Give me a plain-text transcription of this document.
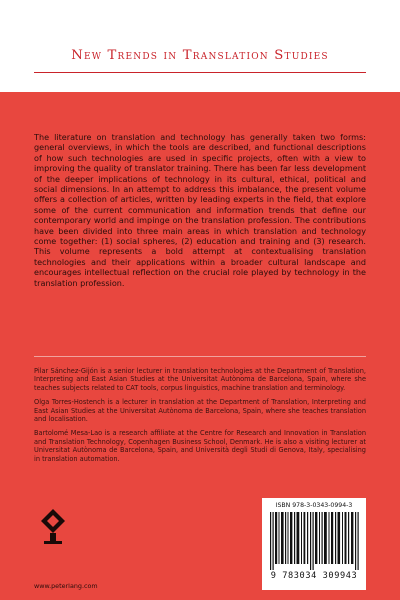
New Trends in Translation Studies

The literature on translation and technology has generally taken two forms: general overviews, in which the tools are described, and functional descriptions of how such technologies are used in specific projects, often with a view to improving the quality of translator training. There has been far less development of the deeper implications of technology in its cultural, ethical, political and social dimensions. In an attempt to address this imbalance, the present volume offers a collection of articles, written by leading experts in the field, that explore some of the current communication and information trends that define our contemporary world and impinge on the translation profession. The contributions have been divided into three main areas in which translation and technology come together: (1) social spheres, (2) education and training and (3) research. This volume represents a bold attempt at contextualising translation technologies and their applications within a broader cultural landscape and encourages intellectual reflection on the crucial role played by technology in the translation profession.

Pilar Sánchez-Gijón is a senior lecturer in translation technologies at the Department of Translation, Interpreting and East Asian Studies at the Universitat Autònoma de Barcelona, Spain, where she teaches subjects related to CAT tools, corpus linguistics, machine translation and terminology.

Olga Torres-Hostench is a lecturer in translation at the Department of Translation, Interpreting and East Asian Studies at the Universitat Autònoma de Barcelona, Spain, where she teaches translation and localisation.

Bartolomé Mesa-Lao is a research affiliate at the Centre for Research and Innovation in Translation and Translation Technology, Copenhagen Business School, Denmark. He is also a visiting lecturer at Universitat Autònoma de Barcelona, Spain, and Università degli Studi di Genova, Italy, specialising in translation automation.

www.peterlang.com
ISBN 978-3-0343-0994-3
9 783034 309943
